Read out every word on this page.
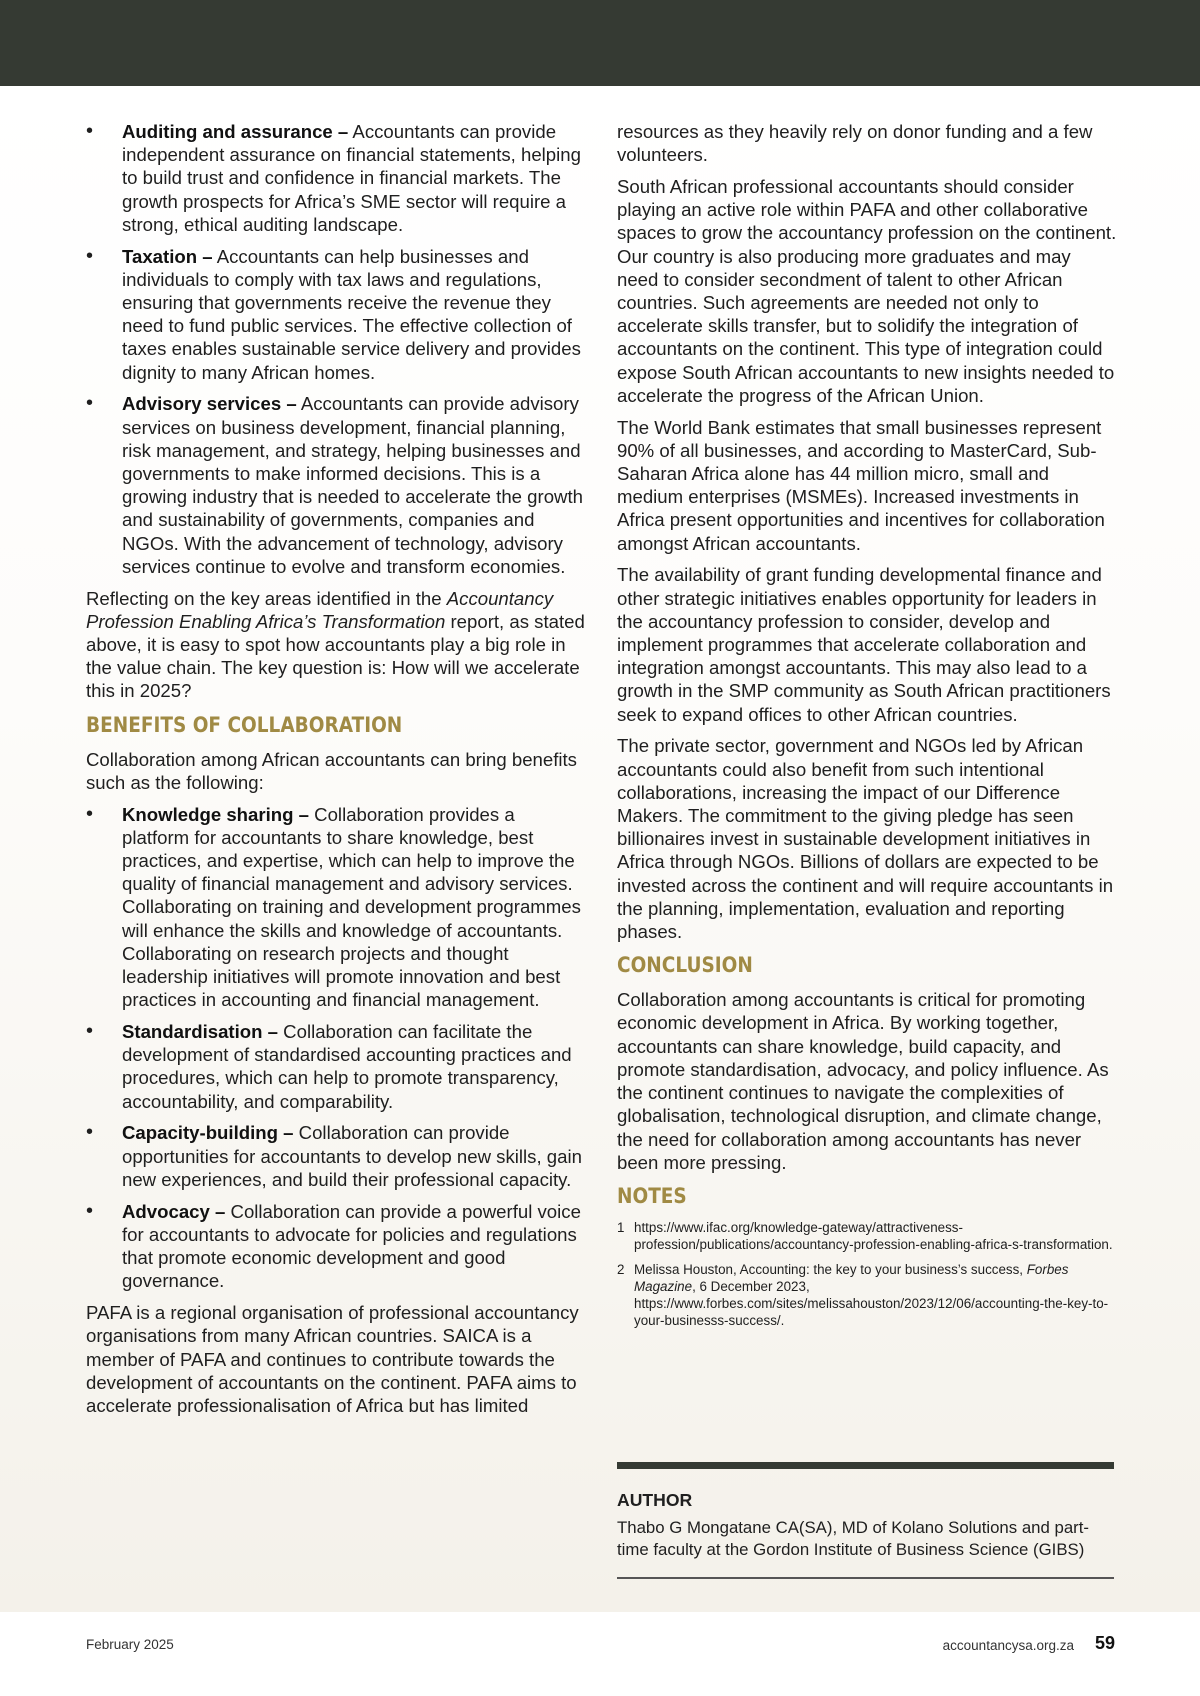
• Auditing and assurance – Accountants can provide independent assurance on financial statements, helping to build trust and confidence in financial markets. The growth prospects for Africa’s SME sector will require a strong, ethical auditing landscape.
• Taxation – Accountants can help businesses and individuals to comply with tax laws and regulations, ensuring that governments receive the revenue they need to fund public services. The effective collection of taxes enables sustainable service delivery and provides dignity to many African homes.
• Advisory services – Accountants can provide advisory services on business development, financial planning, risk management, and strategy, helping businesses and governments to make informed decisions. This is a growing industry that is needed to accelerate the growth and sustainability of governments, companies and NGOs. With the advancement of technology, advisory services continue to evolve and transform economies.

Reflecting on the key areas identified in the Accountancy Profession Enabling Africa’s Transformation report, as stated above, it is easy to spot how accountants play a big role in the value chain. The key question is: How will we accelerate this in 2025?

BENEFITS OF COLLABORATION

Collaboration among African accountants can bring benefits such as the following:

• Knowledge sharing – Collaboration provides a platform for accountants to share knowledge, best practices, and expertise, which can help to improve the quality of financial management and advisory services. Collaborating on training and development programmes will enhance the skills and knowledge of accountants. Collaborating on research projects and thought leadership initiatives will promote innovation and best practices in accounting and financial management.
• Standardisation – Collaboration can facilitate the development of standardised accounting practices and procedures, which can help to promote transparency, accountability, and comparability.
• Capacity-building – Collaboration can provide opportunities for accountants to develop new skills, gain new experiences, and build their professional capacity.
• Advocacy – Collaboration can provide a powerful voice for accountants to advocate for policies and regulations that promote economic development and good governance.

PAFA is a regional organisation of professional accountancy organisations from many African countries. SAICA is a member of PAFA and continues to contribute towards the development of accountants on the continent. PAFA aims to accelerate professionalisation of Africa but has limited

resources as they heavily rely on donor funding and a few volunteers.

South African professional accountants should consider playing an active role within PAFA and other collaborative spaces to grow the accountancy profession on the continent. Our country is also producing more graduates and may need to consider secondment of talent to other African countries. Such agreements are needed not only to accelerate skills transfer, but to solidify the integration of accountants on the continent. This type of integration could expose South African accountants to new insights needed to accelerate the progress of the African Union.

The World Bank estimates that small businesses represent 90% of all businesses, and according to MasterCard, Sub-Saharan Africa alone has 44 million micro, small and medium enterprises (MSMEs). Increased investments in Africa present opportunities and incentives for collaboration amongst African accountants.

The availability of grant funding developmental finance and other strategic initiatives enables opportunity for leaders in the accountancy profession to consider, develop and implement programmes that accelerate collaboration and integration amongst accountants. This may also lead to a growth in the SMP community as South African practitioners seek to expand offices to other African countries.

The private sector, government and NGOs led by African accountants could also benefit from such intentional collaborations, increasing the impact of our Difference Makers. The commitment to the giving pledge has seen billionaires invest in sustainable development initiatives in Africa through NGOs. Billions of dollars are expected to be invested across the continent and will require accountants in the planning, implementation, evaluation and reporting phases.

CONCLUSION

Collaboration among accountants is critical for promoting economic development in Africa. By working together, accountants can share knowledge, build capacity, and promote standardisation, advocacy, and policy influence. As the continent continues to navigate the complexities of globalisation, technological disruption, and climate change, the need for collaboration among accountants has never been more pressing.

NOTES
1 https://www.ifac.org/knowledge-gateway/attractiveness-profession/publications/accountancy-profession-enabling-africa-s-transformation.
2 Melissa Houston, Accounting: the key to your business’s success, Forbes Magazine, 6 December 2023, https://www.forbes.com/sites/melissahouston/2023/12/06/accounting-the-key-to-your-businesss-success/.
AUTHOR
Thabo G Mongatane CA(SA), MD of Kolano Solutions and part-time faculty at the Gordon Institute of Business Science (GIBS)
February 2025	accountancysa.org.za 59
